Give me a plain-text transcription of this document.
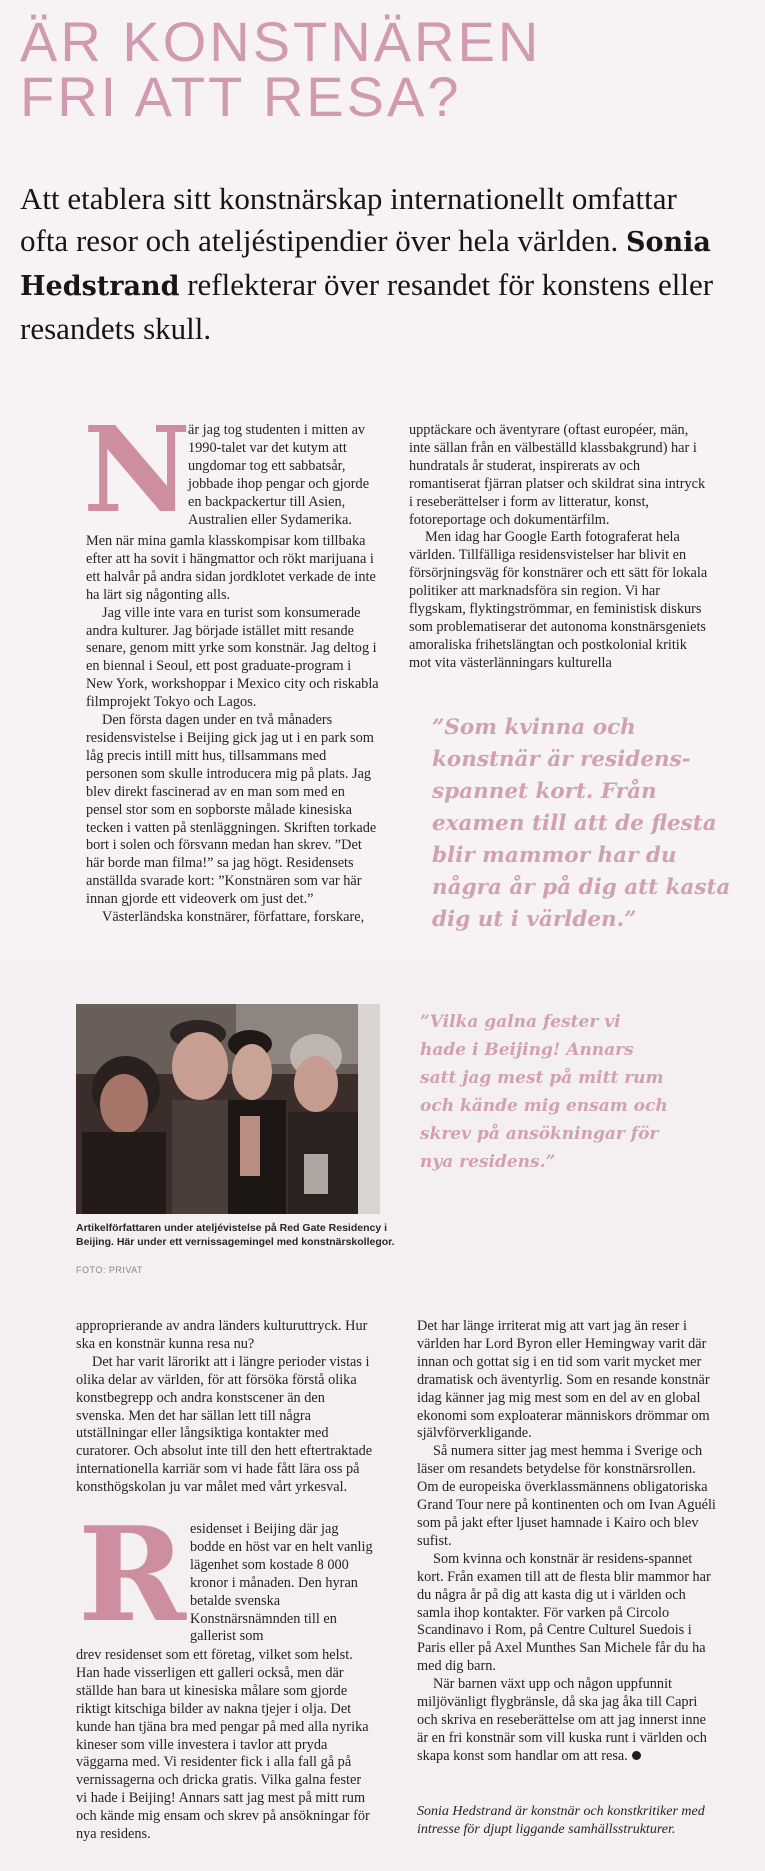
ÄR KONSTNÄREN
FRI ATT RESA?

Att etablera sitt konstnärskap internationellt omfattar ofta resor och ateljéstipendier över hela världen. Sonia Hedstrand reflekterar över resandet för konstens eller resandets skull.

N

är jag tog studenten i mitten av 1990-talet var det kutym att ungdomar tog ett sabbatsår, jobbade ihop pengar och gjorde en backpackertur till Asien, Australien eller Sydamerika.

Men när mina gamla klasskompisar kom tillbaka efter att ha sovit i hängmattor och rökt marijuana i ett halvår på andra sidan jordklotet verkade de inte ha lärt sig någonting alls.

Jag ville inte vara en turist som konsumerade andra kulturer. Jag började istället mitt resande senare, genom mitt yrke som konstnär. Jag deltog i en biennal i Seoul, ett post graduate-program i New York, workshoppar i Mexico city och riskabla filmprojekt Tokyo och Lagos.

Den första dagen under en två månaders residensvistelse i Beijing gick jag ut i en park som låg precis intill mitt hus, tillsammans med personen som skulle introducera mig på plats. Jag blev direkt fascinerad av en man som med en pensel stor som en sopborste målade kinesiska tecken i vatten på stenläggningen. Skriften torkade bort i solen och försvann medan han skrev. ”Det här borde man filma!” sa jag högt. Residensets anställda svarade kort: ”Konstnären som var här innan gjorde ett videoverk om just det.”

Västerländska konstnärer, författare, forskare,

upptäckare och äventyrare (oftast européer, män, inte sällan från en välbeställd klassbakgrund) har i hundratals år studerat, inspirerats av och romantiserat fjärran platser och skildrat sina intryck i reseberättelser i form av litteratur, konst, fotoreportage och dokumentärfilm.

Men idag har Google Earth fotograferat hela världen. Tillfälliga residensvistelser har blivit en försörjningsväg för konstnärer och ett sätt för lokala politiker att marknadsföra sin region. Vi har flygskam, flyktingströmmar, en feministisk diskurs som problematiserar det autonoma konstnärsgeniets amoraliska frihetslängtan och postkolonial kritik mot vita västerlänningars kulturella

”Som kvinna och konstnär är residens-spannet kort. Från examen till att de flesta blir mammor har du några år på dig att kasta dig ut i världen.”

Artikelförfattaren under ateljévistelse på Red Gate Residency i Beijing. Här under ett vernissagemingel med konstnärskollegor.

FOTO: PRIVAT

”Vilka galna fester vi hade i Beijing! Annars satt jag mest på mitt rum och kände mig ensam och skrev på ansökningar för nya residens.”

approprierande av andra länders kulturuttryck. Hur ska en konstnär kunna resa nu?

Det har varit lärorikt att i längre perioder vistas i olika delar av världen, för att försöka förstå olika konstbegrepp och andra konstscener än den svenska. Men det har sällan lett till några utställningar eller långsiktiga kontakter med curatorer. Och absolut inte till den hett eftertraktade internationella karriär som vi hade fått lära oss på konsthögskolan ju var målet med vårt yrkesval.

R esidenset i Beijing där jag bodde en höst var en helt vanlig lägenhet som kostade 8 000 kronor i månaden. Den hyran betalde svenska Konstnärsnämnden till en gallerist som

drev residenset som ett företag, vilket som helst. Han hade visserligen ett galleri också, men där ställde han bara ut kinesiska målare som gjorde riktigt kitschiga bilder av nakna tjejer i olja. Det kunde han tjäna bra med pengar på med alla nyrika kineser som ville investera i tavlor att pryda väggarna med. Vi residenter fick i alla fall gå på vernissagerna och dricka gratis. Vilka galna fester vi hade i Beijing! Annars satt jag mest på mitt rum och kände mig ensam och skrev på ansökningar för nya residens.

Det har länge irriterat mig att vart jag än reser i världen har Lord Byron eller Hemingway varit där innan och gottat sig i en tid som varit mycket mer dramatisk och äventyrlig. Som en resande konstnär idag känner jag mig mest som en del av en global ekonomi som exploaterar människors drömmar om självförverkligande.

Så numera sitter jag mest hemma i Sverige och läser om resandets betydelse för konstnärsrollen. Om de europeiska överklassmännens obligatoriska Grand Tour nere på kontinenten och om Ivan Aguéli som på jakt efter ljuset hamnade i Kairo och blev sufist.

Som kvinna och konstnär är residens-spannet kort. Från examen till att de flesta blir mammor har du några år på dig att kasta dig ut i världen och samla ihop kontakter. För varken på Circolo Scandinavo i Rom, på Centre Culturel Suedois i Paris eller på Axel Munthes San Michele får du ha med dig barn.

När barnen växt upp och någon uppfunnit miljövänligt flygbränsle, då ska jag åka till Capri och skriva en reseberättelse om att jag innerst inne är en fri konstnär som vill kuska runt i världen och skapa konst som handlar om att resa.

Sonia Hedstrand är konstnär och konstkritiker med intresse för djupt liggande samhällsstrukturer.
